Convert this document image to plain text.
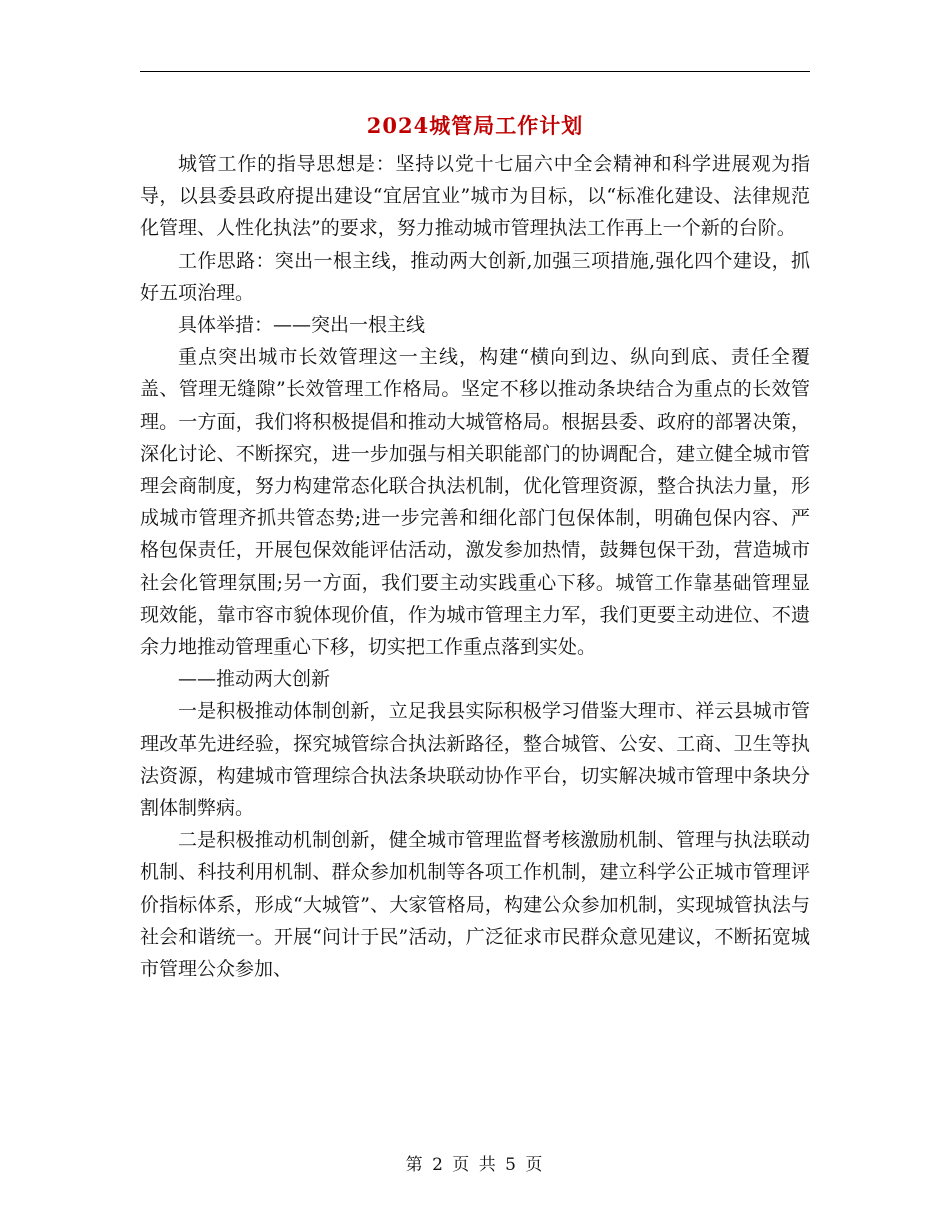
2024城管局工作计划

城管工作的指导思想是：坚持以党十七届六中全会精神和科学进展观为指导，以县委县政府提出建设“宜居宜业”城市为目标，以“标准化建设、法律规范化管理、人性化执法”的要求，努力推动城市管理执法工作再上一个新的台阶。

工作思路：突出一根主线，推动两大创新,加强三项措施,强化四个建设，抓好五项治理。

具体举措：——突出一根主线

重点突出城市长效管理这一主线，构建“横向到边、纵向到底、责任全覆盖、管理无缝隙”长效管理工作格局。坚定不移以推动条块结合为重点的长效管理。一方面，我们将积极提倡和推动大城管格局。根据县委、政府的部署决策，深化讨论、不断探究，进一步加强与相关职能部门的协调配合，建立健全城市管理会商制度，努力构建常态化联合执法机制，优化管理资源，整合执法力量，形成城市管理齐抓共管态势;进一步完善和细化部门包保体制，明确包保内容、严格包保责任，开展包保效能评估活动，激发参加热情，鼓舞包保干劲，营造城市社会化管理氛围;另一方面，我们要主动实践重心下移。城管工作靠基础管理显现效能，靠市容市貌体现价值，作为城市管理主力军，我们更要主动进位、不遗余力地推动管理重心下移，切实把工作重点落到实处。

——推动两大创新

一是积极推动体制创新，立足我县实际积极学习借鉴大理市、祥云县城市管理改革先进经验，探究城管综合执法新路径，整合城管、公安、工商、卫生等执法资源，构建城市管理综合执法条块联动协作平台，切实解决城市管理中条块分割体制弊病。

二是积极推动机制创新，健全城市管理监督考核激励机制、管理与执法联动机制、科技利用机制、群众参加机制等各项工作机制，建立科学公正城市管理评价指标体系，形成“大城管”、大家管格局，构建公众参加机制，实现城管执法与社会和谐统一。开展“问计于民”活动，广泛征求市民群众意见建议，不断拓宽城市管理公众参加、

第 2 页 共 5 页
